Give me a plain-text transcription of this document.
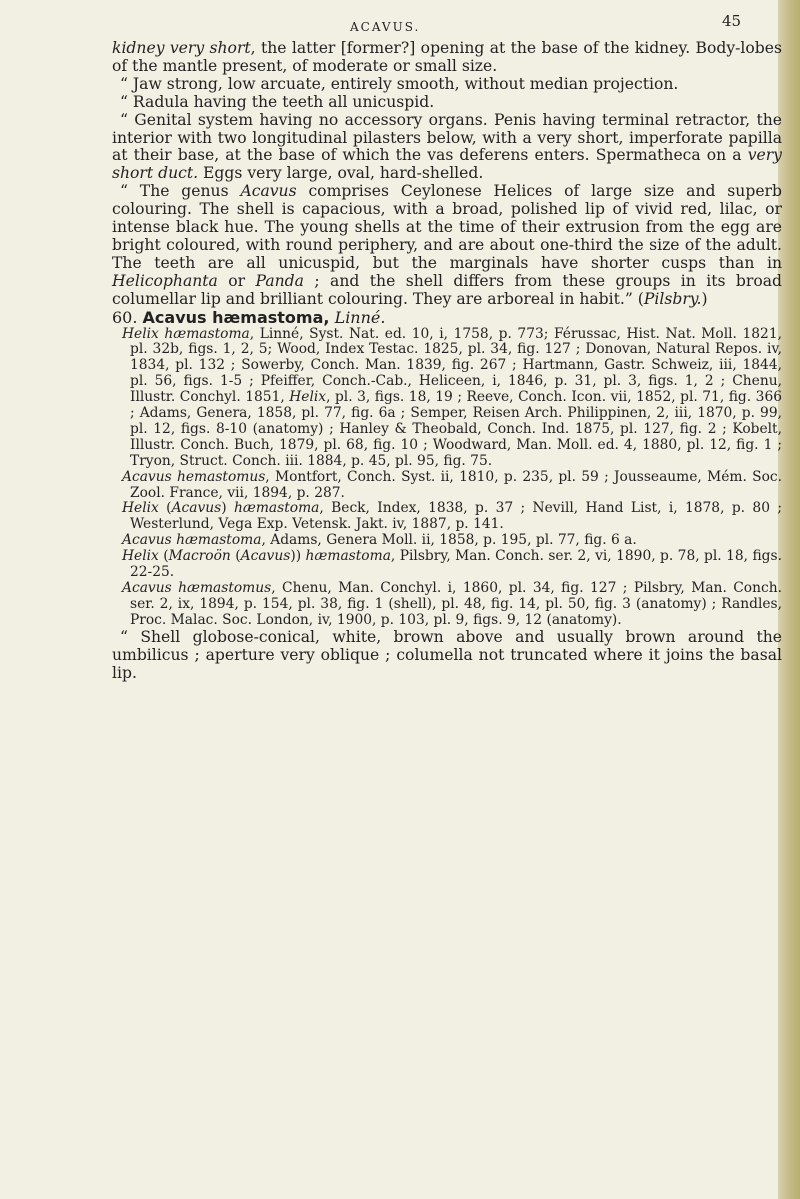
ACAVUS.	45

kidney very short, the latter [former?] opening at the base of the kidney. Body-lobes of the mantle present, of moderate or small size.

“ Jaw strong, low arcuate, entirely smooth, without median projection.

“ Radula having the teeth all unicuspid.

“ Genital system having no accessory organs. Penis having terminal retractor, the interior with two longitudinal pilasters below, with a very short, imperforate papilla at their base, at the base of which the vas deferens enters. Spermatheca on a very short duct. Eggs very large, oval, hard-shelled.

“ The genus Acavus comprises Ceylonese Helices of large size and superb colouring. The shell is capacious, with a broad, polished lip of vivid red, lilac, or intense black hue. The young shells at the time of their extrusion from the egg are bright coloured, with round periphery, and are about one-third the size of the adult. The teeth are all unicuspid, but the marginals have shorter cusps than in Helicophanta or Panda ; and the shell differs from these groups in its broad columellar lip and brilliant colouring. They are arboreal in habit.” (Pilsbry.)

60. Acavus hæmastoma, Linné.

Helix hæmastoma, Linné, Syst. Nat. ed. 10, i, 1758, p. 773; Férussac, Hist. Nat. Moll. 1821, pl. 32b, figs. 1, 2, 5; Wood, Index Testac. 1825, pl. 34, fig. 127 ; Donovan, Natural Repos. iv, 1834, pl. 132 ; Sowerby, Conch. Man. 1839, fig. 267 ; Hartmann, Gastr. Schweiz, iii, 1844, pl. 56, figs. 1-5 ; Pfeiffer, Conch.-Cab., Heliceen, i, 1846, p. 31, pl. 3, figs. 1, 2 ; Chenu, Illustr. Conchyl. 1851, Helix, pl. 3, figs. 18, 19 ; Reeve, Conch. Icon. vii, 1852, pl. 71, fig. 366 ; Adams, Genera, 1858, pl. 77, fig. 6a ; Semper, Reisen Arch. Philippinen, 2, iii, 1870, p. 99, pl. 12, figs. 8-10 (anatomy) ; Hanley & Theobald, Conch. Ind. 1875, pl. 127, fig. 2 ; Kobelt, Illustr. Conch. Buch, 1879, pl. 68, fig. 10 ; Woodward, Man. Moll. ed. 4, 1880, pl. 12, fig. 1 ; Tryon, Struct. Conch. iii. 1884, p. 45, pl. 95, fig. 75.

Acavus hemastomus, Montfort, Conch. Syst. ii, 1810, p. 235, pl. 59 ; Jousseaume, Mém. Soc. Zool. France, vii, 1894, p. 287.

Helix (Acavus) hæmastoma, Beck, Index, 1838, p. 37 ; Nevill, Hand List, i, 1878, p. 80 ; Westerlund, Vega Exp. Vetensk. Jakt. iv, 1887, p. 141.

Acavus hæmastoma, Adams, Genera Moll. ii, 1858, p. 195, pl. 77, fig. 6 a.

Helix (Macroön (Acavus)) hæmastoma, Pilsbry, Man. Conch. ser. 2, vi, 1890, p. 78, pl. 18, figs. 22-25.

Acavus hæmastomus, Chenu, Man. Conchyl. i, 1860, pl. 34, fig. 127 ; Pilsbry, Man. Conch. ser. 2, ix, 1894, p. 154, pl. 38, fig. 1 (shell), pl. 48, fig. 14, pl. 50, fig. 3 (anatomy) ; Randles, Proc. Malac. Soc. London, iv, 1900, p. 103, pl. 9, figs. 9, 12 (anatomy).

“ Shell globose-conical, white, brown above and usually brown around the umbilicus ; aperture very oblique ; columella not truncated where it joins the basal lip.
